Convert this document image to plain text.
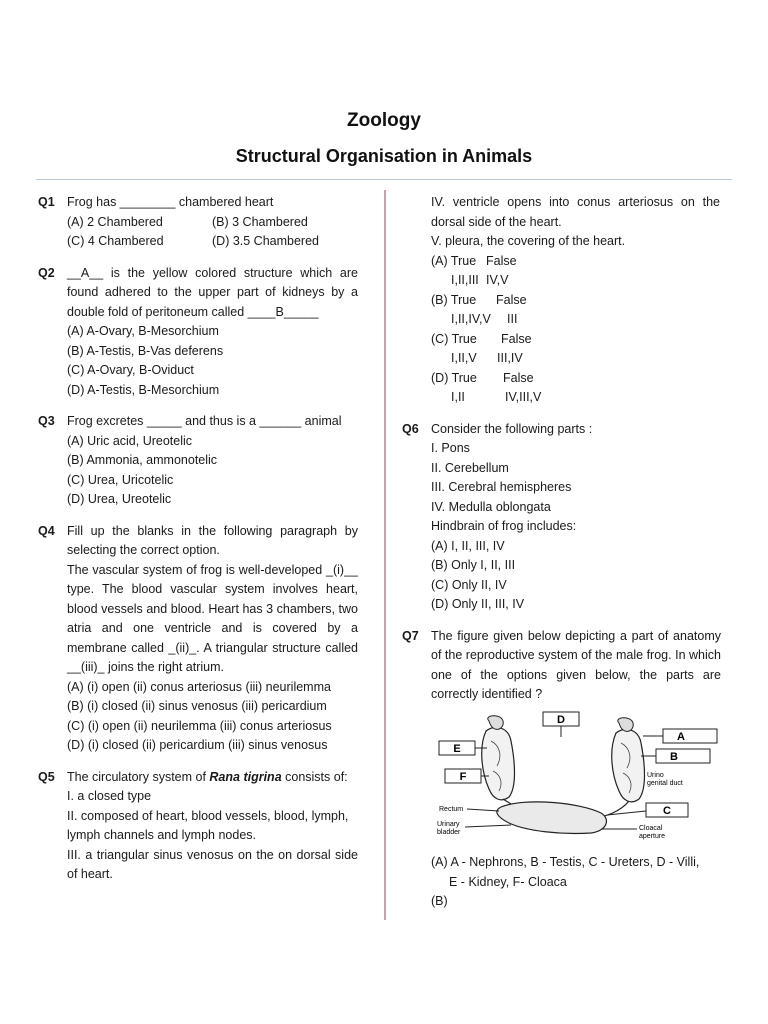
Zoology
Structural Organisation in Animals
Q1 Frog has ________ chambered heart
(A) 2 Chambered	(B) 3 Chambered
(C) 4 Chambered	(D) 3.5 Chambered
Q2 __A__ is the yellow colored structure which are found adhered to the upper part of kidneys by a double fold of peritoneum called ____B_____
(A) A-Ovary, B-Mesorchium
(B) A-Testis, B-Vas deferens
(C) A-Ovary, B-Oviduct
(D) A-Testis, B-Mesorchium
Q3 Frog excretes _____ and thus is a ______ animal
(A) Uric acid, Ureotelic
(B) Ammonia, ammonotelic
(C) Urea, Uricotelic
(D) Urea, Ureotelic
Q4 Fill up the blanks in the following paragraph by selecting the correct option.
The vascular system of frog is well-developed _(i)__ type. The blood vascular system involves heart, blood vessels and blood. Heart has 3 chambers, two atria and one ventricle and is covered by a membrane called _(ii)_. A triangular structure called __(iii)_ joins the right atrium.
(A) (i) open (ii) conus arteriosus (iii) neurilemma
(B) (i) closed (ii) sinus venosus (iii) pericardium
(C) (i) open (ii) neurilemma (iii) conus arteriosus
(D) (i) closed (ii) pericardium (iii) sinus venosus
Q5 The circulatory system of Rana tigrina consists of:
I. a closed type
II. composed of heart, blood vessels, blood, lymph, lymph channels and lymph nodes.
III. a triangular sinus venosus on the on dorsal side of heart.
IV. ventricle opens into conus arteriosus on the dorsal side of the heart.
V. pleura, the covering of the heart.
(A) True False
I,II,III IV,V
(B) True	False
I,II,IV,V	III
(C) True	False
I,II,V	III,IV
(D) True	False
I,II	IV,III,V
Q6 Consider the following parts :
I. Pons
II. Cerebellum
III. Cerebral hemispheres
IV. Medulla oblongata
Hindbrain of frog includes:
(A) I, II, III, IV
(B) Only I, II, III
(C) Only II, IV
(D) Only II, III, IV
Q7 The figure given below depicting a part of anatomy of the reproductive system of the male frog. In which one of the options given below, the parts are correctly identified ?
D
E
F
A
B
Urino
genital duct
C
Rectum
Urinary
bladder
Cloacal
aperture
(A) A - Nephrons, B - Testis, C - Ureters, D - Villi,
E - Kidney, F- Cloaca
(B)
